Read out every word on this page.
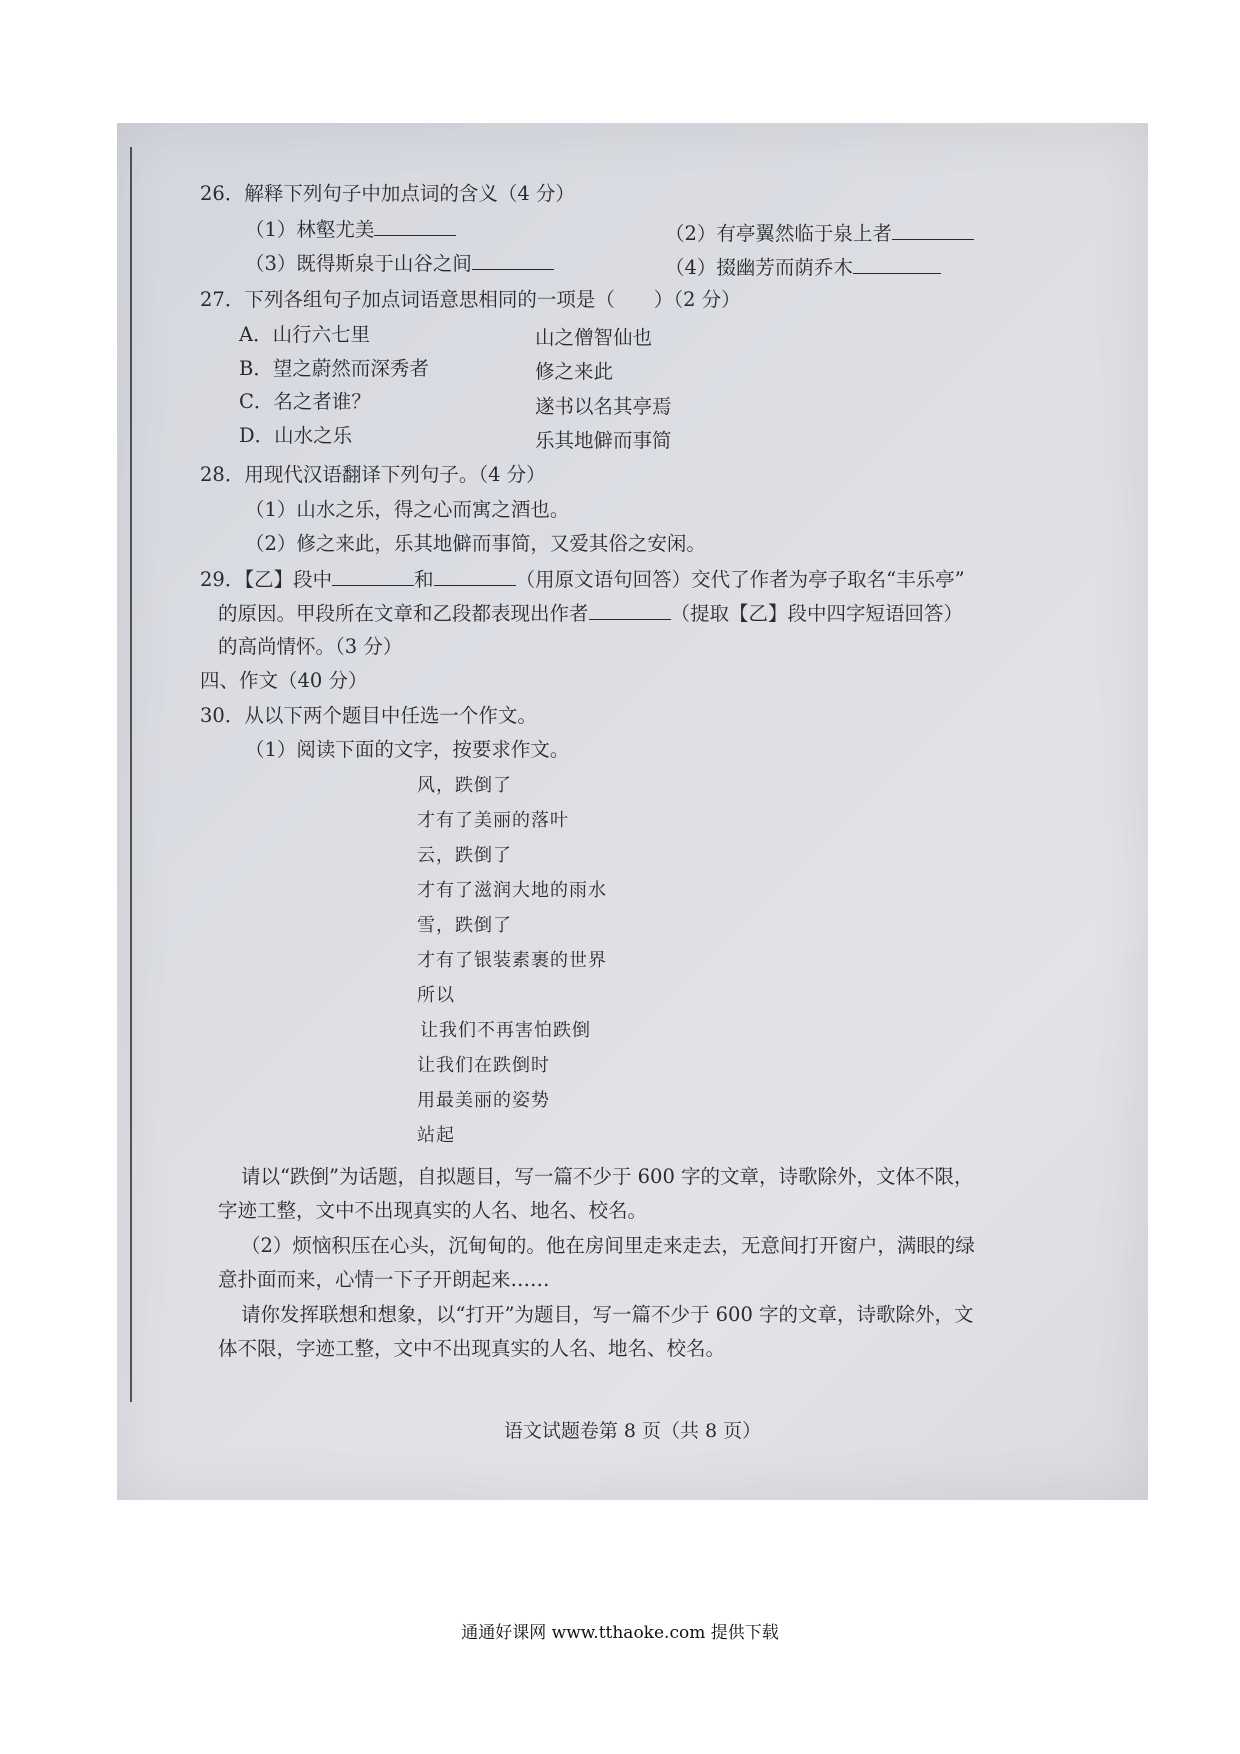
26．解释下列句子中加点词的含义（4 分）
（1）林壑尤美	（2）有亭翼然临于泉上者
（3）既得斯泉于山谷之间	（4）掇幽芳而荫乔木
27．下列各组句子加点词语意思相同的一项是（　　）（2 分）
A．山行六七里	山之僧智仙也
B．望之蔚然而深秀者	修之来此
C．名之者谁？	遂书以名其亭焉
D．山水之乐	乐其地僻而事简
28．用现代汉语翻译下列句子。（4 分）
（1）山水之乐，得之心而寓之酒也。
（2）修之来此，乐其地僻而事简，又爱其俗之安闲。
29．【乙】段中	和	（用原文语句回答）交代了作者为亭子取名“丰乐亭”
的原因。甲段所在文章和乙段都表现出作者	（提取【乙】段中四字短语回答）
的高尚情怀。（3 分）
四、作文（40 分）
30．从以下两个题目中任选一个作文。
（1）阅读下面的文字，按要求作文。
风，跌倒了
才有了美丽的落叶
云，跌倒了
才有了滋润大地的雨水
雪，跌倒了
才有了银装素裹的世界
所以
让我们不再害怕跌倒
让我们在跌倒时
用最美丽的姿势
站起
请以“跌倒”为话题，自拟题目，写一篇不少于 600 字的文章，诗歌除外，文体不限，
字迹工整，文中不出现真实的人名、地名、校名。
（2）烦恼积压在心头，沉甸甸的。他在房间里走来走去，无意间打开窗户，满眼的绿
意扑面而来，心情一下子开朗起来……
请你发挥联想和想象，以“打开”为题目，写一篇不少于 600 字的文章，诗歌除外，文
体不限，字迹工整，文中不出现真实的人名、地名、校名。
语文试题卷第 8 页（共 8 页）
通通好课网 www.tthaoke.com 提供下载
